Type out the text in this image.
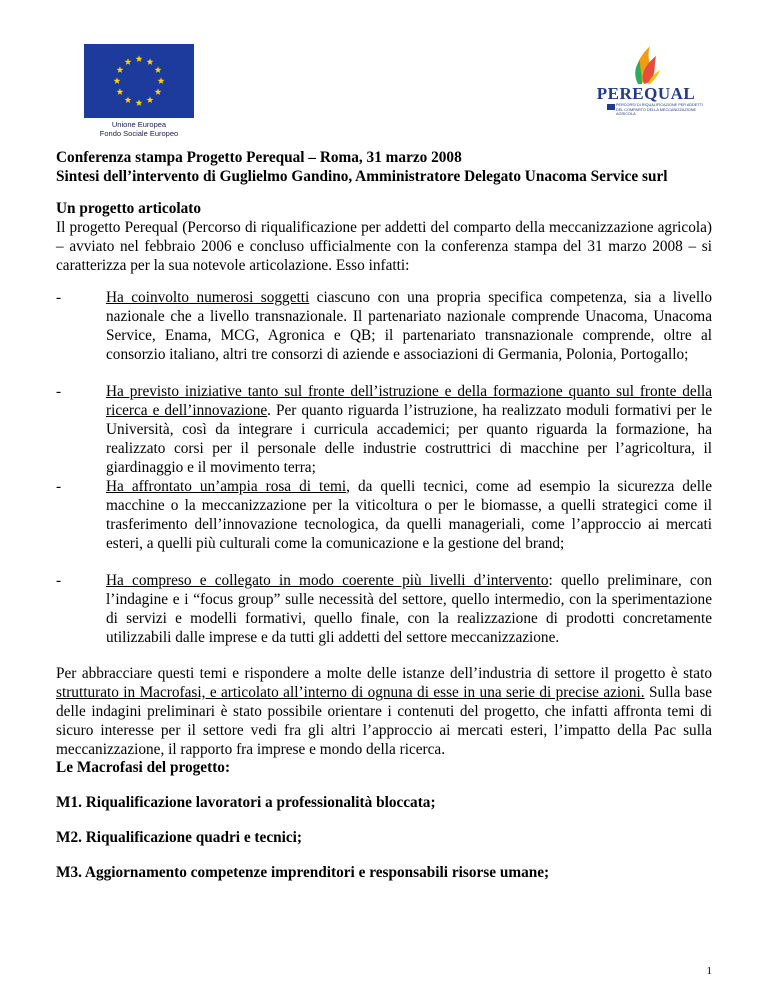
Unione Europea
Fondo Sociale Europeo
PEREQUAL
PERCORSI DI RIQUALIFICAZIONE PER ADDETTI DEL COMPARTO DELLA MECCANIZZAZIONE AGRICOLA

Conferenza stampa Progetto Perequal – Roma, 31 marzo 2008

Sintesi dell’intervento di Guglielmo Gandino, Amministratore Delegato Unacoma Service surl

Un progetto articolato
Il progetto Perequal (Percorso di riqualificazione per addetti del comparto della meccanizzazione agricola) – avviato nel febbraio 2006 e concluso ufficialmente con la conferenza stampa del 31 marzo 2008 – si caratterizza per la sua notevole articolazione. Esso infatti:
-	Ha coinvolto numerosi soggetti ciascuno con una propria specifica competenza, sia a livello nazionale che a livello transnazionale. Il partenariato nazionale comprende Unacoma, Unacoma Service, Enama, MCG, Agronica e QB; il partenariato transnazionale comprende, oltre al consorzio italiano, altri tre consorzi di aziende e associazioni di Germania, Polonia, Portogallo;

-	Ha previsto iniziative tanto sul fronte dell’istruzione e della formazione quanto sul fronte della ricerca e dell’innovazione. Per quanto riguarda l’istruzione, ha realizzato moduli formativi per le Università, così da integrare i curricula accademici; per quanto riguarda la formazione, ha realizzato corsi per il personale delle industrie costruttrici di macchine per l’agricoltura, il giardinaggio e il movimento terra;

-	Ha affrontato un’ampia rosa di temi, da quelli tecnici, come ad esempio la sicurezza delle macchine o la meccanizzazione per la viticoltura o per le biomasse, a quelli strategici come il trasferimento dell’innovazione tecnologica, da quelli manageriali, come l’approccio ai mercati esteri, a quelli più culturali come la comunicazione e la gestione del brand;

-	Ha compreso e collegato in modo coerente più livelli d’intervento: quello preliminare, con l’indagine e i “focus group” sulle necessità del settore, quello intermedio, con la sperimentazione di servizi e modelli formativi, quello finale, con la realizzazione di prodotti concretamente utilizzabili dalle imprese e da tutti gli addetti del settore meccanizzazione.

Per abbracciare questi temi e rispondere a molte delle istanze dell’industria di settore il progetto è stato strutturato in Macrofasi, e articolato all’interno di ognuna di esse in una serie di precise azioni. Sulla base delle indagini preliminari è stato possibile orientare i contenuti del progetto, che infatti affronta temi di sicuro interesse per il settore vedi fra gli altri l’approccio ai mercati esteri, l’impatto della Pac sulla meccanizzazione, il rapporto fra imprese e mondo della ricerca.

Le Macrofasi del progetto:
M1. Riqualificazione lavoratori a professionalità bloccata;
M2. Riqualificazione quadri e tecnici;
M3. Aggiornamento competenze imprenditori e responsabili risorse umane;
1
